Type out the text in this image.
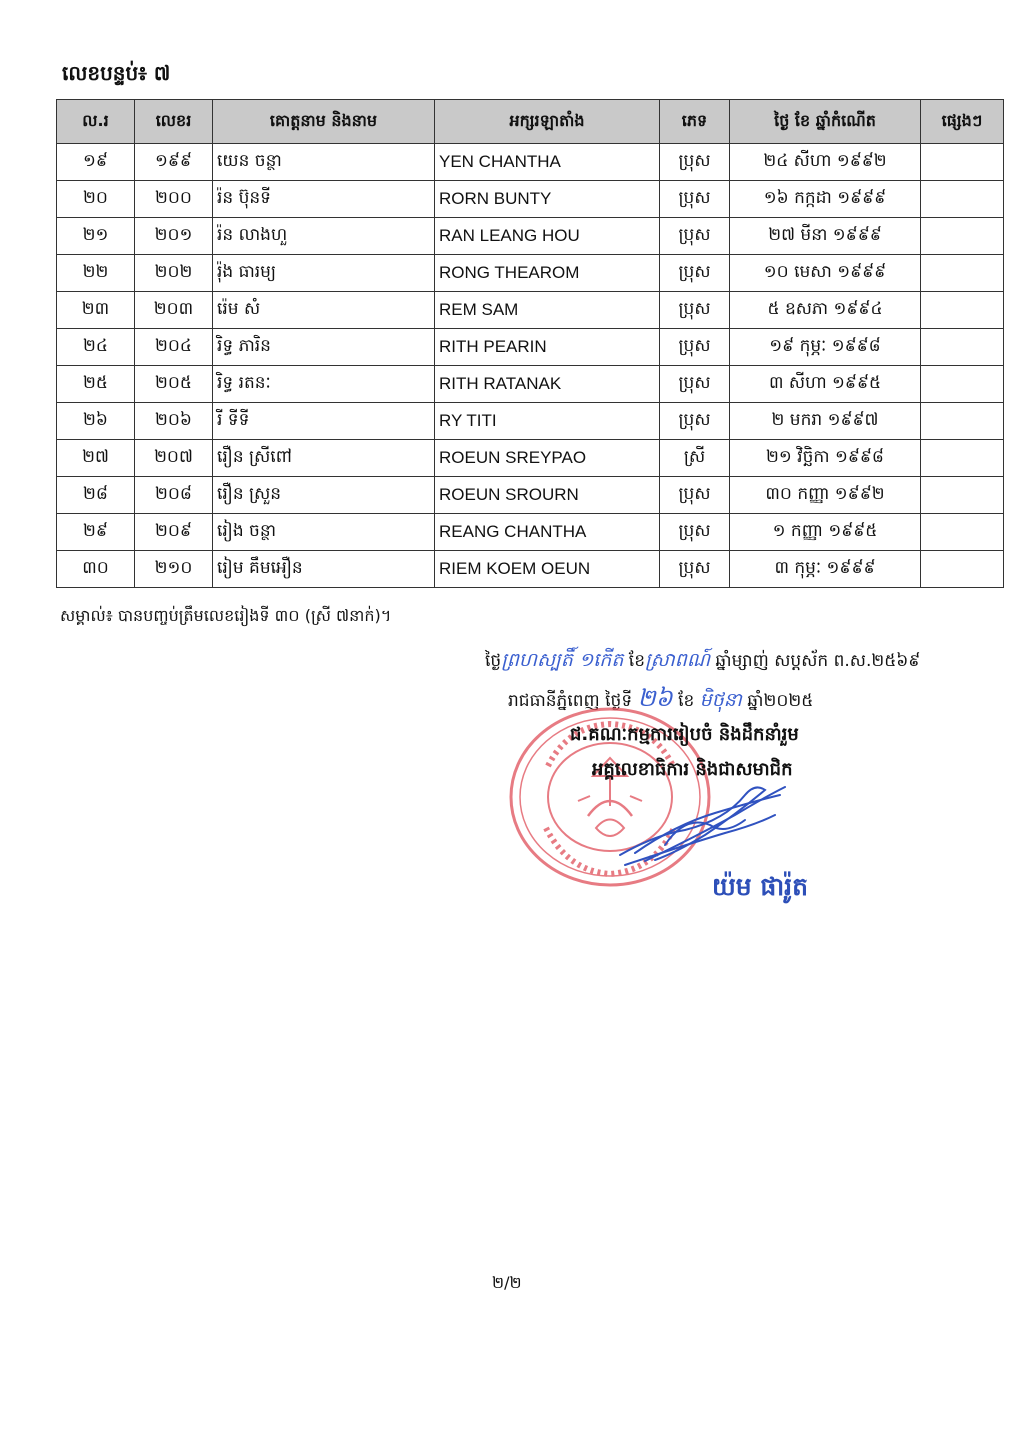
លេខបន្ទប់៖ ៧
ល.រ	លេខរ	គោត្តនាម និងនាម	អក្សរឡាតាំង	ភេទ	ថ្ងៃ ខែ ឆ្នាំកំណើត	ផ្សេងៗ
១៩	១៩៩	យេន ចន្ថា	YEN CHANTHA	ប្រុស	២៤ សីហា ១៩៩២	
២០	២០០	រ៉ន ប៊ុនទី	RORN BUNTY	ប្រុស	១៦ កក្កដា ១៩៩៩	
២១	២០១	រ៉ន លាងហួ	RAN LEANG HOU	ប្រុស	២៧ មីនា ១៩៩៩	
២២	២០២	រ៉ុង ធារម្យ	RONG THEAROM	ប្រុស	១០ មេសា ១៩៩៩	
២៣	២០៣	រ៉េម សំ	REM SAM	ប្រុស	៥ ឧសភា ១៩៩៤	
២៤	២០៤	រិទ្ធ ភារិន	RITH PEARIN	ប្រុស	១៩ កុម្ភៈ ១៩៩៨	
២៥	២០៥	រិទ្ធ រតនៈ	RITH RATANAK	ប្រុស	៣ សីហា ១៩៩៥	
២៦	២០៦	រី ទីទី	RY TITI	ប្រុស	២ មករា ១៩៩៧	
២៧	២០៧	រឿន ស្រីពៅ	ROEUN SREYPAO	ស្រី	២១ វិច្ឆិកា ១៩៩៨	
២៨	២០៨	រឿន ស្រួន	ROEUN SROURN	ប្រុស	៣០ កញ្ញា ១៩៩២	
២៩	២០៩	រៀង ចន្ថា	REANG CHANTHA	ប្រុស	១ កញ្ញា ១៩៩៥	
៣០	២១០	រៀម គឹមអឿន	RIEM KOEM OEUN	ប្រុស	៣ កុម្ភៈ ១៩៩៩	
សម្គាល់៖ បានបញ្ចប់ត្រឹមលេខរៀងទី ៣០ (ស្រី ៧នាក់)។
ថ្ងៃព្រហស្បតិ៍ ១កើត ខែស្រាពណ៍ ឆ្នាំម្សាញ់ សប្តស័ក ព.ស.២៥៦៩
រាជធានីភ្នំពេញ ថ្ងៃទី ២៦ ខែ មិថុនា ឆ្នាំ២០២៥
ជ.គណៈកម្មការរៀបចំ និងដឹកនាំរួម
អគ្គលេខាធិការ និងជាសមាជិក
យ៉ម ផារ៉ូត
២/២
